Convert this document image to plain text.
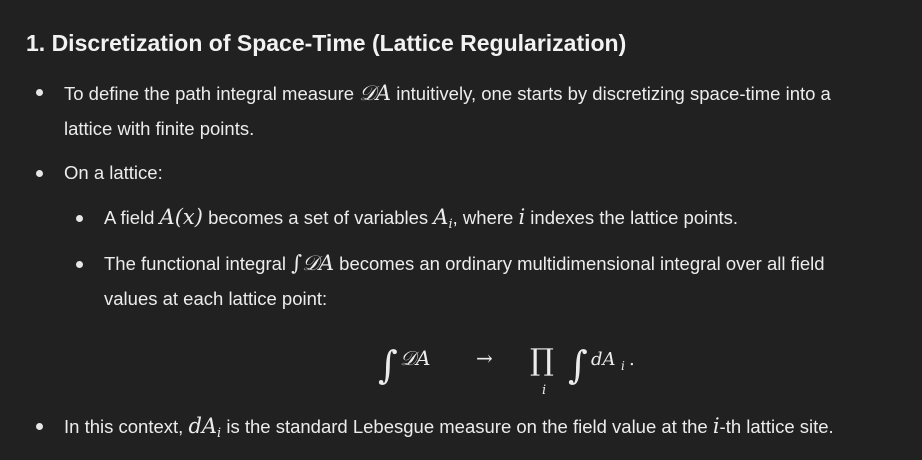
1. Discretization of Space-Time (Lattice Regularization)
To define the path integral measure 𝒟A intuitively, one starts by discretizing space-time into a
lattice with finite points.
On a lattice:
A field A(x) becomes a set of variables Ai, where i indexes the lattice points.
The functional integral ∫𝒟A becomes an ordinary multidimensional integral over all field
values at each lattice point:
∫ 𝒟A → ∏
i
∫ dA i .
In this context, dAi is the standard Lebesgue measure on the field value at the i-th lattice site.
